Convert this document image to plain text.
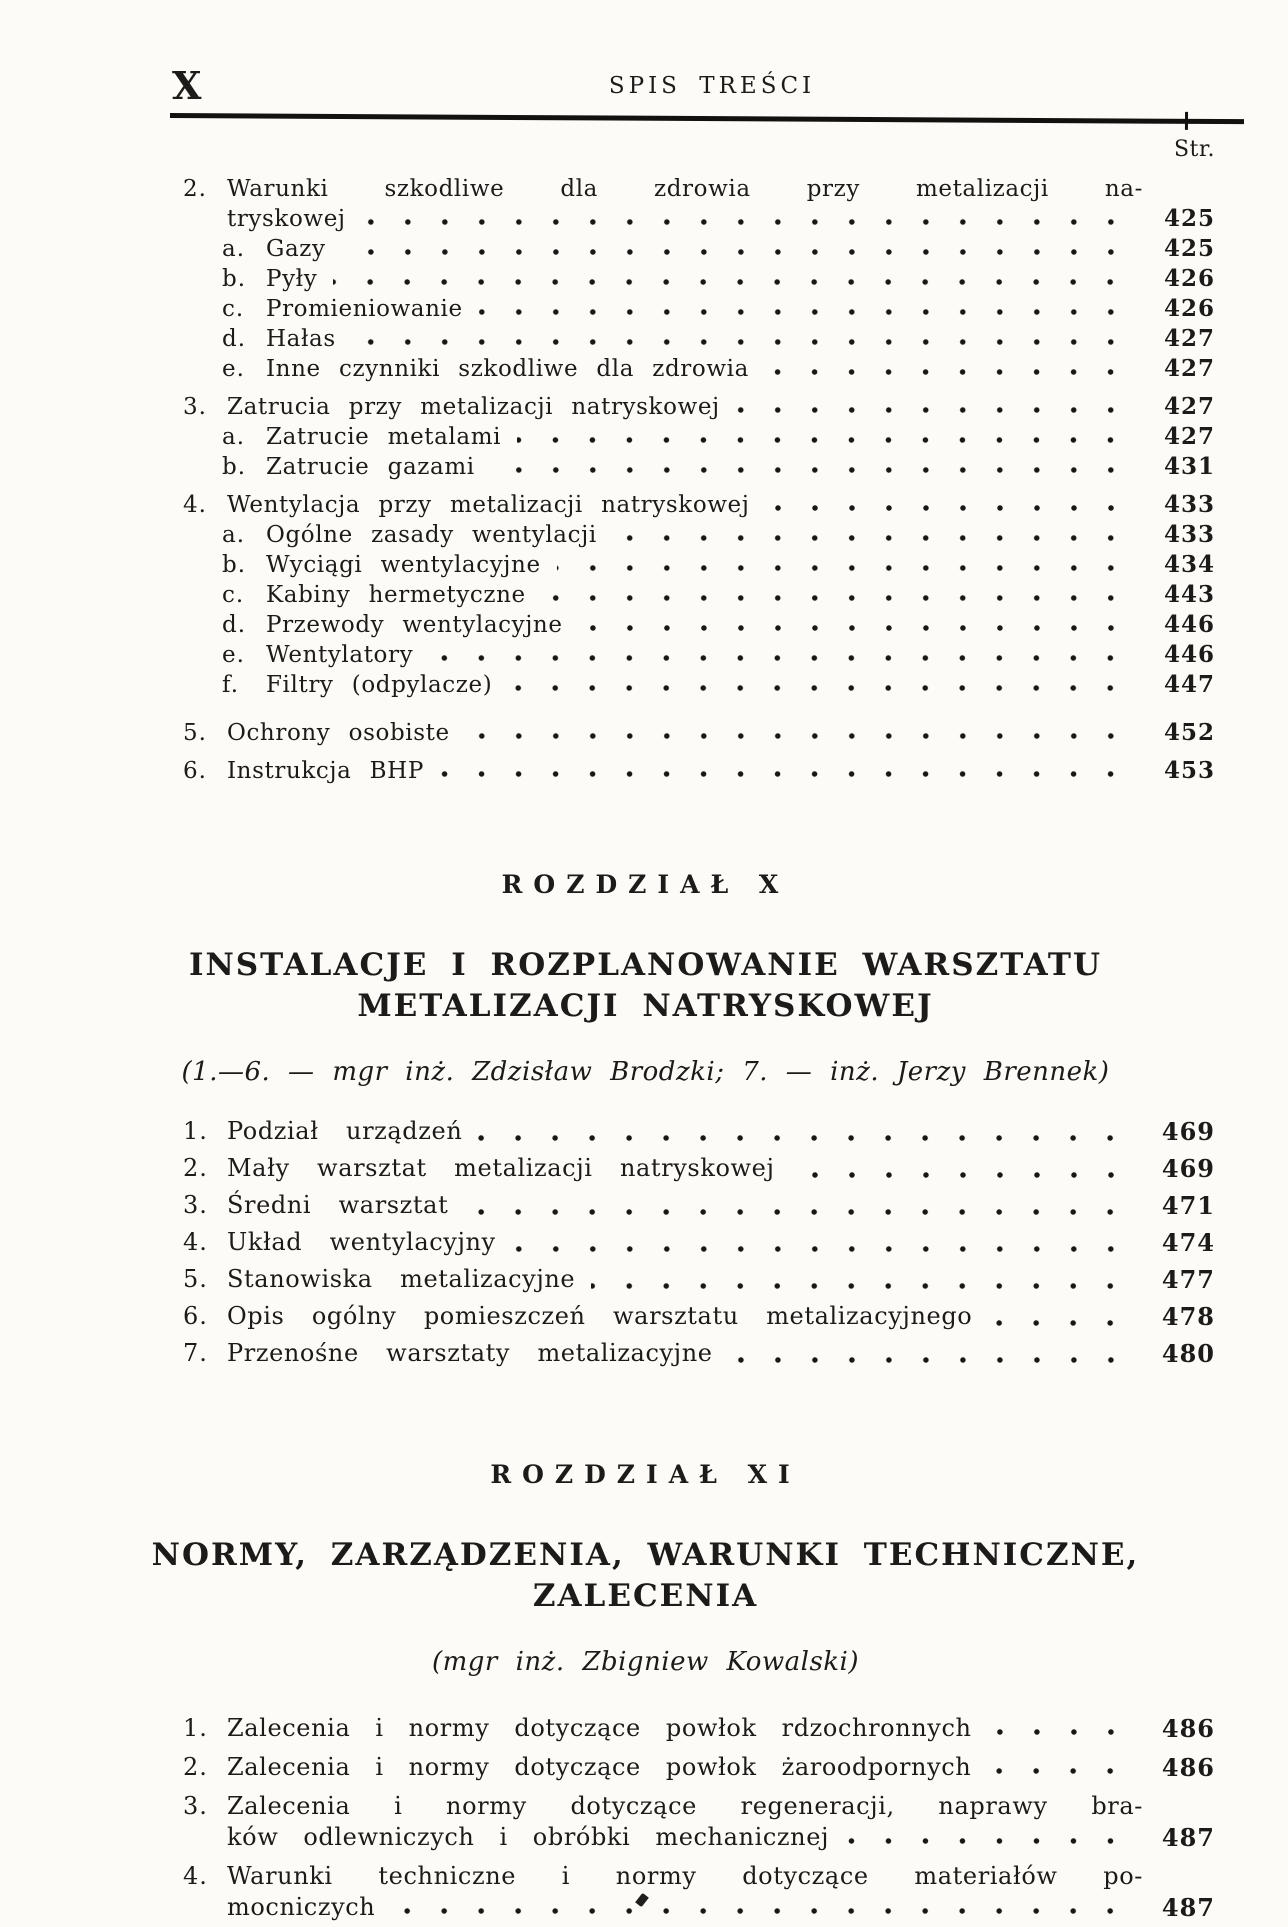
X	SPIS TREŚCI
Str.
2. Warunki szkodliwe dla zdrowia przy metalizacji na-
tryskowej	425
a. Gazy	425
b. Pyły	426
c. Promieniowanie	426
d. Hałas	427
e. Inne czynniki szkodliwe dla zdrowia	427
3. Zatrucia przy metalizacji natryskowej	427
a. Zatrucie metalami	427
b. Zatrucie gazami	431
4. Wentylacja przy metalizacji natryskowej	433
a. Ogólne zasady wentylacji	433
b. Wyciągi wentylacyjne	434
c. Kabiny hermetyczne	443
d. Przewody wentylacyjne	446
e. Wentylatory	446
f.	Filtry (odpylacze)	447
5. Ochrony osobiste	452
6. Instrukcja BHP	453
ROZDZIAŁ X
INSTALACJE I ROZPLANOWANIE WARSZTATU
METALIZACJI NATRYSKOWEJ
(1.—6. — mgr inż. Zdzisław Brodzki; 7. — inż. Jerzy Brennek)
1. Podział urządzeń	469
2. Mały warsztat metalizacji natryskowej	469
3. Średni warsztat	471
4. Układ wentylacyjny	474
5. Stanowiska metalizacyjne	477
6. Opis ogólny pomieszczeń warsztatu metalizacyjnego	478
7. Przenośne warsztaty metalizacyjne	480
ROZDZIAŁ XI
NORMY, ZARZĄDZENIA, WARUNKI TECHNICZNE,
ZALECENIA
(mgr inż. Zbigniew Kowalski)
1. Zalecenia i normy dotyczące powłok rdzochronnych	486
2. Zalecenia i normy dotyczące powłok żaroodpornych	486
3. Zalecenia i normy dotyczące regeneracji, naprawy bra-
ków odlewniczych i obróbki mechanicznej	487
4. Warunki techniczne i normy dotyczące materiałów po-
mocniczych	487
